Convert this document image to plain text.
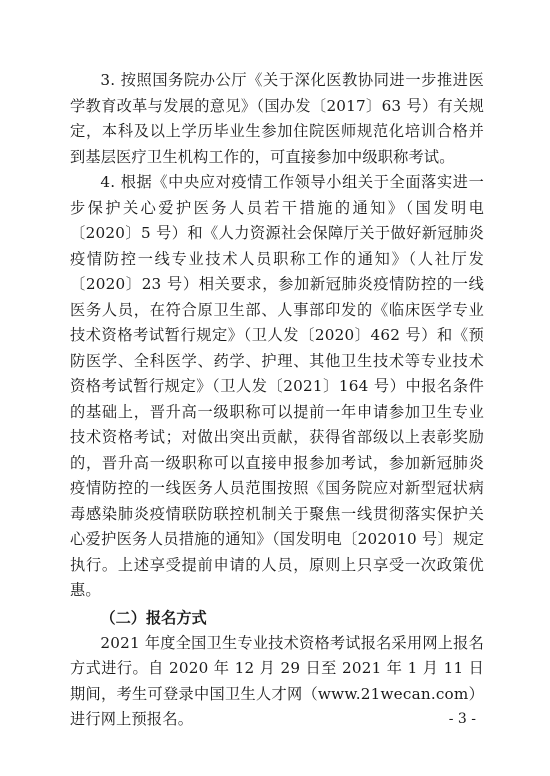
3. 按照国务院办公厅《关于深化医教协同进一步推进医学教育改革与发展的意见》（国办发〔2017〕63 号）有关规定，本科及以上学历毕业生参加住院医师规范化培训合格并到基层医疗卫生机构工作的，可直接参加中级职称考试。

4. 根据《中央应对疫情工作领导小组关于全面落实进一步保护关心爱护医务人员若干措施的通知》（国发明电〔2020〕5 号）和《人力资源社会保障厅关于做好新冠肺炎疫情防控一线专业技术人员职称工作的通知》（人社厅发〔2020〕23 号）相关要求，参加新冠肺炎疫情防控的一线医务人员，在符合原卫生部、人事部印发的《临床医学专业技术资格考试暂行规定》（卫人发〔2020〕462 号）和《预防医学、全科医学、药学、护理、其他卫生技术等专业技术资格考试暂行规定》（卫人发〔2021〕164 号）中报名条件的基础上，晋升高一级职称可以提前一年申请参加卫生专业技术资格考试；对做出突出贡献，获得省部级以上表彰奖励的，晋升高一级职称可以直接申报参加考试，参加新冠肺炎疫情防控的一线医务人员范围按照《国务院应对新型冠状病毒感染肺炎疫情联防联控机制关于聚焦一线贯彻落实保护关心爱护医务人员措施的通知》（国发明电〔202010 号〕规定执行。上述享受提前申请的人员，原则上只享受一次政策优惠。

（二）报名方式

2021 年度全国卫生专业技术资格考试报名采用网上报名方式进行。自 2020 年 12 月 29 日至 2021 年 1 月 11 日期间，考生可登录中国卫生人才网（www.21wecan.com）进行网上预报名。	- 3 -
